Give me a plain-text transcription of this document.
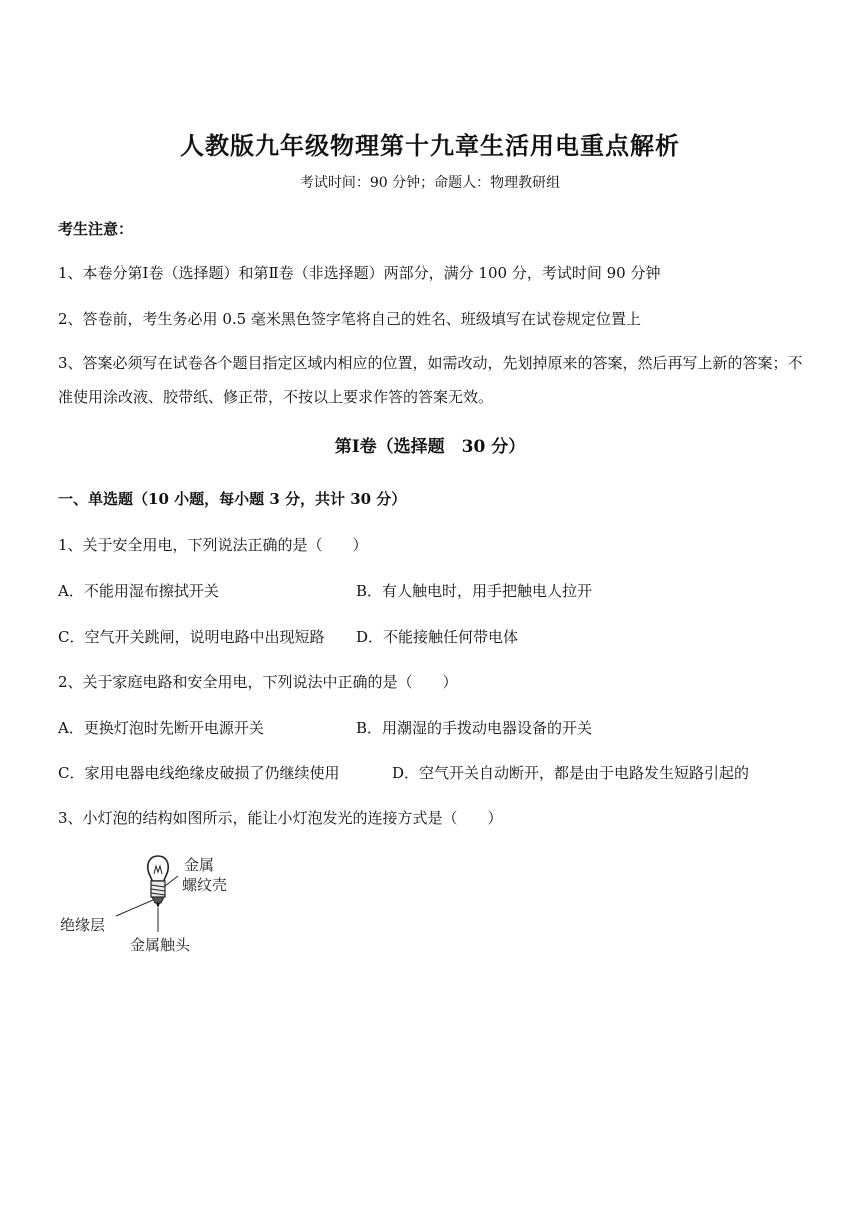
人教版九年级物理第十九章生活用电重点解析
考试时间：90 分钟；命题人：物理教研组
考生注意：
1、本卷分第Ⅰ卷（选择题）和第Ⅱ卷（非选择题）两部分，满分 100 分，考试时间 90 分钟
2、答卷前，考生务必用 0.5 毫米黑色签字笔将自己的姓名、班级填写在试卷规定位置上
3、答案必须写在试卷各个题目指定区域内相应的位置，如需改动，先划掉原来的答案，然后再写上新的答案；不准使用涂改液、胶带纸、修正带，不按以上要求作答的答案无效。
第Ⅰ卷（选择题　30 分）
一、单选题（10 小题，每小题 3 分，共计 30 分）
1、关于安全用电，下列说法正确的是（　　）
A．不能用湿布擦拭开关	B．有人触电时，用手把触电人拉开
C．空气开关跳闸，说明电路中出现短路 D．不能接触任何带电体
2、关于家庭电路和安全用电，下列说法中正确的是（　　）
A．更换灯泡时先断开电源开关	B．用潮湿的手拨动电器设备的开关
C．家用电器电线绝缘皮破损了仍继续使用	D．空气开关自动断开，都是由于电路发生短路引起的
3、小灯泡的结构如图所示，能让小灯泡发光的连接方式是（　　）
金属
螺纹壳
绝缘层
金属触头
